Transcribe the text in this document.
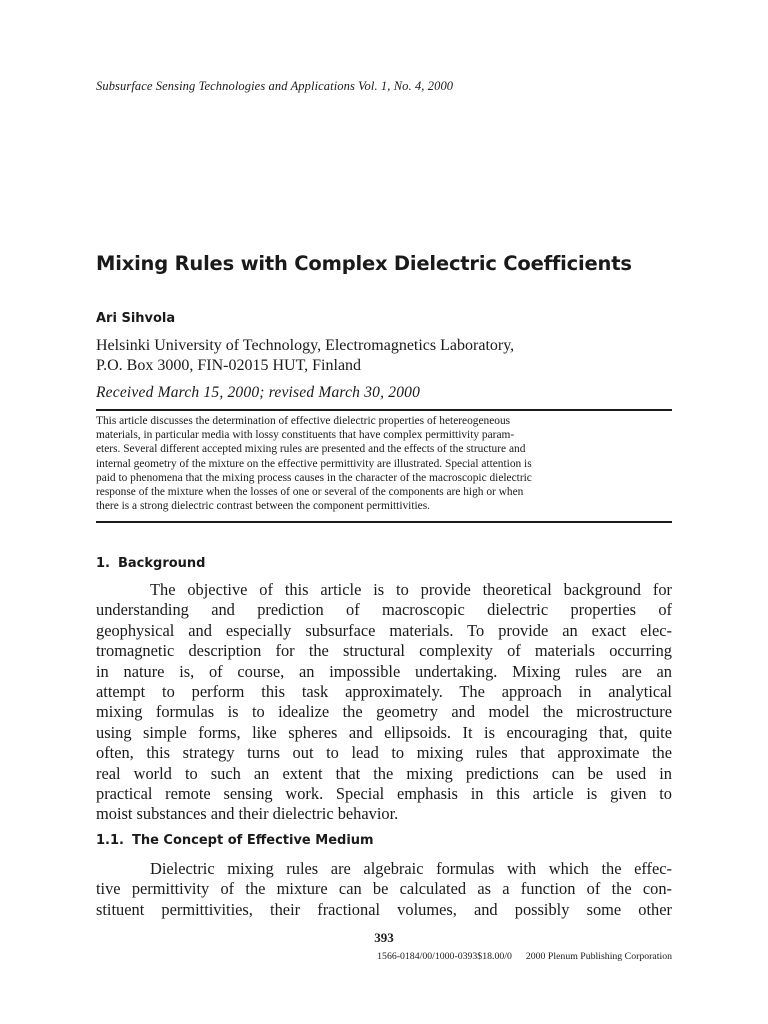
Subsurface Sensing Technologies and Applications Vol. 1, No. 4, 2000
Mixing Rules with Complex Dielectric Coefficients
Ari Sihvola
Helsinki University of Technology, Electromagnetics Laboratory,
P.O. Box 3000, FIN-02015 HUT, Finland
Received March 15, 2000; revised March 30, 2000
This article discusses the determination of effective dielectric properties of hetereogeneous
materials, in particular media with lossy constituents that have complex permittivity param-
eters. Several different accepted mixing rules are presented and the effects of the structure and
internal geometry of the mixture on the effective permittivity are illustrated. Special attention is
paid to phenomena that the mixing process causes in the character of the macroscopic dielectric
response of the mixture when the losses of one or several of the components are high or when
there is a strong dielectric contrast between the component permittivities.
1. Background
The objective of this article is to provide theoretical background for
understanding and prediction of macroscopic dielectric properties of
geophysical and especially subsurface materials. To provide an exact elec-
tromagnetic description for the structural complexity of materials occurring
in nature is, of course, an impossible undertaking. Mixing rules are an
attempt to perform this task approximately. The approach in analytical
mixing formulas is to idealize the geometry and model the microstructure
using simple forms, like spheres and ellipsoids. It is encouraging that, quite
often, this strategy turns out to lead to mixing rules that approximate the
real world to such an extent that the mixing predictions can be used in
practical remote sensing work. Special emphasis in this article is given to
moist substances and their dielectric behavior.
1.1. The Concept of Effective Medium
Dielectric mixing rules are algebraic formulas with which the effec-
tive permittivity of the mixture can be calculated as a function of the con-
stituent permittivities, their fractional volumes, and possibly some other
393
1566-0184/00/1000-0393$18.00/0 2000 Plenum Publishing Corporation
